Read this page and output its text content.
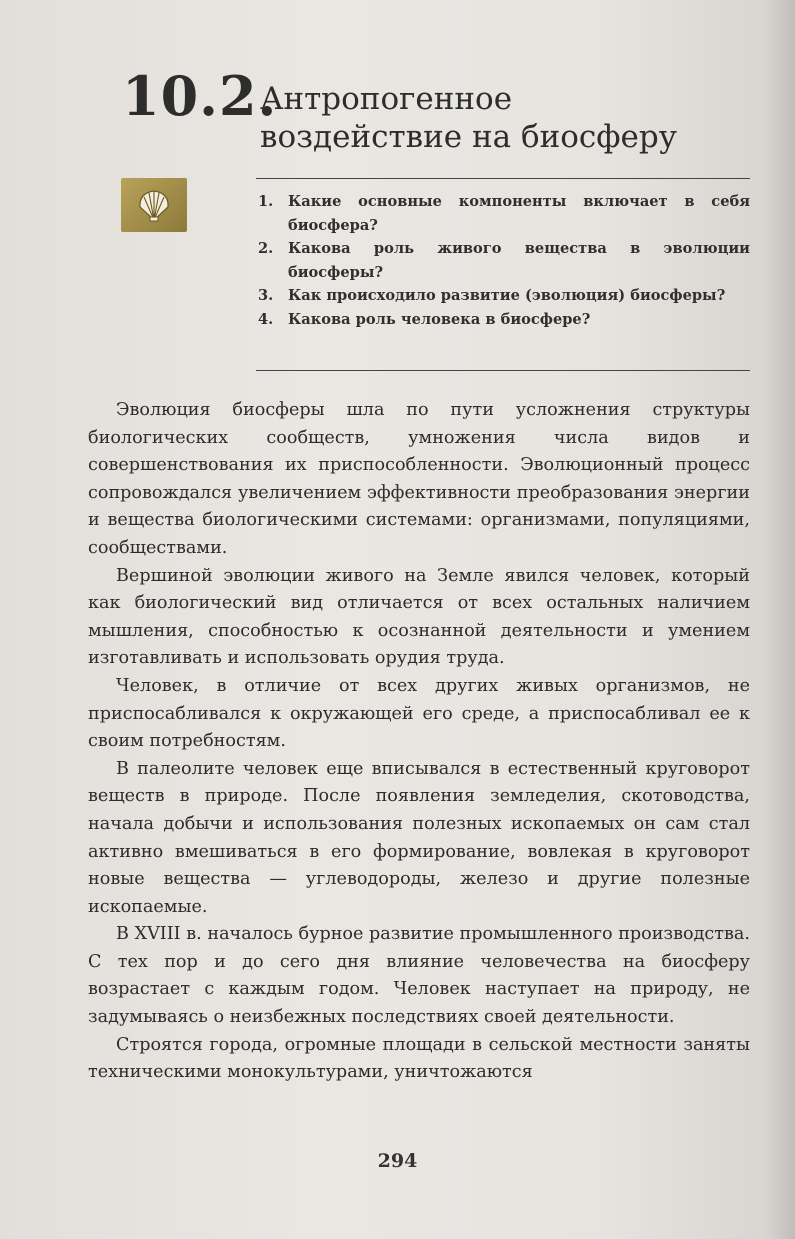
10.2.
Антропогенное
воздействие на биосферу
1. Какие основные компоненты включает в себя биосфера?
2. Какова роль живого вещества в эволюции биосферы?
3. Как происходило развитие (эволюция) биосферы?
4. Какова роль человека в биосфере?

Эволюция биосферы шла по пути усложнения структуры биологических сообществ, умножения числа видов и совершенствования их приспособленности. Эволюционный процесс сопровождался увеличением эффективности преобразования энергии и вещества биологическими системами: организмами, популяциями, сообществами.

Вершиной эволюции живого на Земле явился человек, который как биологический вид отличается от всех остальных наличием мышления, способностью к осознанной деятельности и умением изготавливать и использовать орудия труда.

Человек, в отличие от всех других живых организмов, не приспосабливался к окружающей его среде, а приспосабливал ее к своим потребностям.

В палеолите человек еще вписывался в естественный круговорот веществ в природе. После появления земледелия, скотоводства, начала добычи и использования полезных ископаемых он сам стал активно вмешиваться в его формирование, вовлекая в круговорот новые вещества — углеводороды, железо и другие полезные ископаемые.

В XVIII в. началось бурное развитие промышленного производства. С тех пор и до сего дня влияние человечества на биосферу возрастает с каждым годом. Человек наступает на природу, не задумываясь о неизбежных последствиях своей деятельности.

Строятся города, огромные площади в сельской местности заняты техническими монокультурами, уничтожаются

294
